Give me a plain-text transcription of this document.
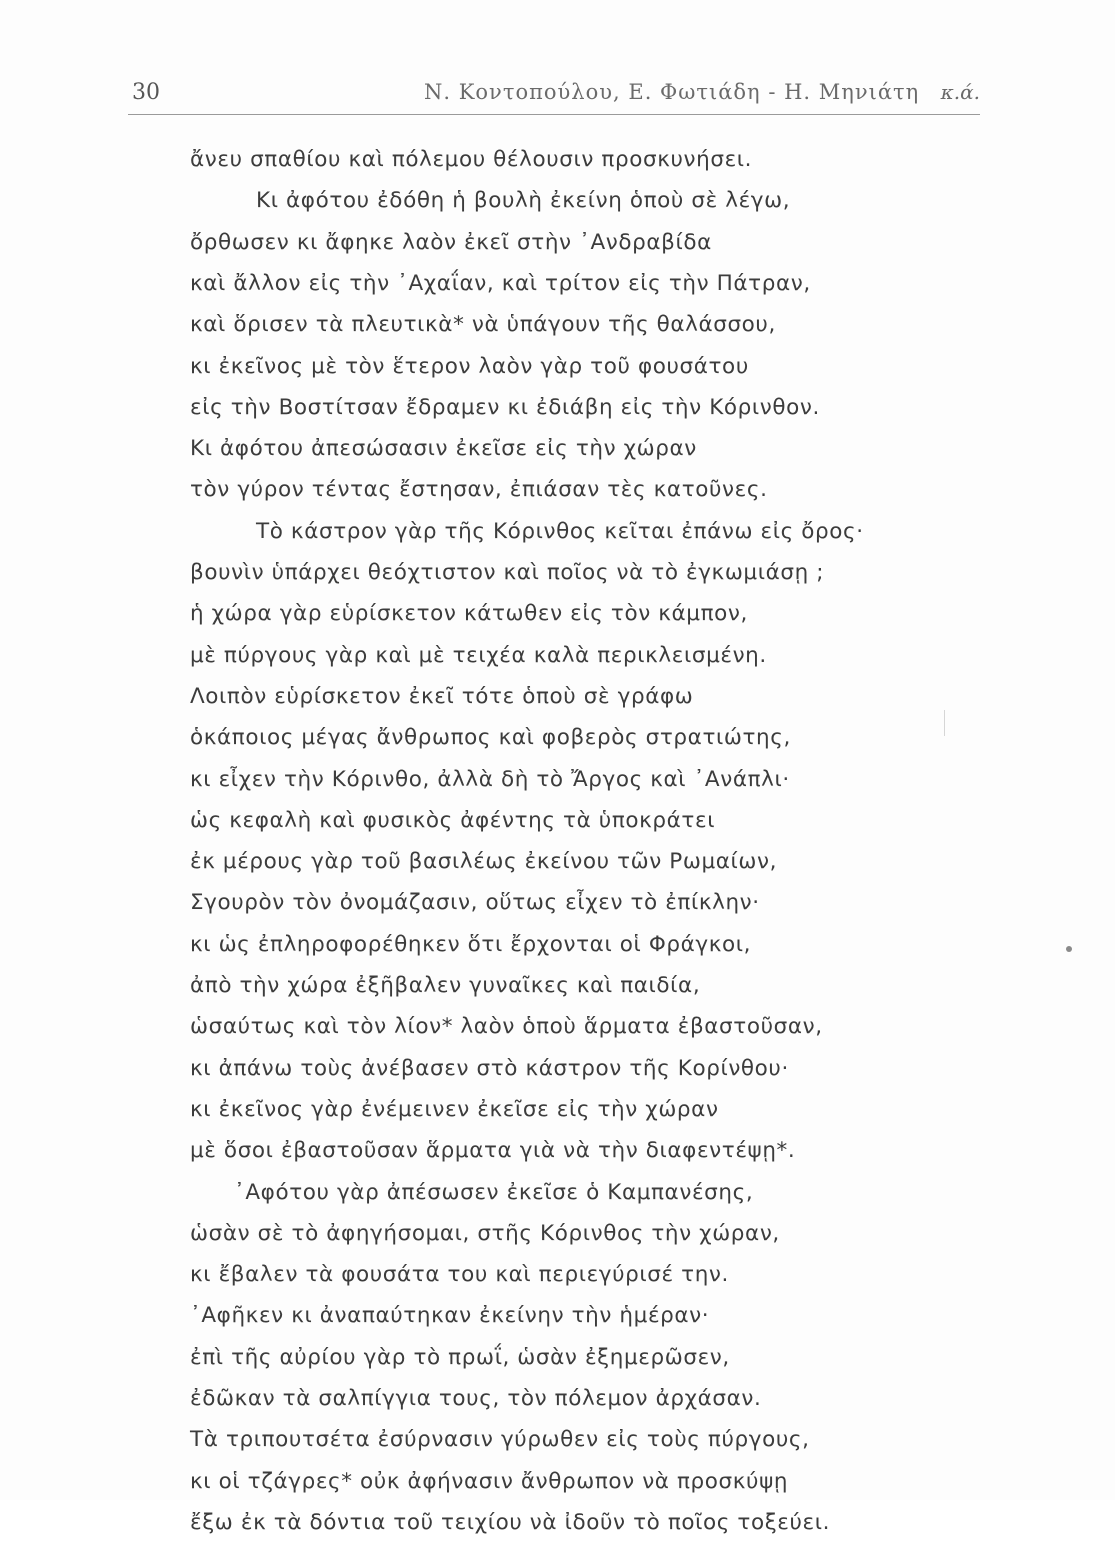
30	Ν. Κοντοπούλου, Ε. Φωτιάδη - Η. Μηνιάτη κ.ά.
ἄνευ σπαθίου καὶ πόλεμου θέλουσιν προσκυνήσει.
Κι ἀφότου ἐδόθη ἡ βουλὴ ἐκείνη ὁποὺ σὲ λέγω,
ὄρθωσεν κι ἄφηκε λαὸν ἐκεῖ στὴν ᾿Ανδραβίδα
καὶ ἄλλον εἰς τὴν ᾿Αχαΐαν, καὶ τρίτον εἰς τὴν Πάτραν,
καὶ ὅρισεν τὰ πλευτικὰ* νὰ ὑπάγουν τῆς θαλάσσου,
κι ἐκεῖνος μὲ τὸν ἕτερον λαὸν γὰρ τοῦ φουσάτου
εἰς τὴν Βοστίτσαν ἔδραμεν κι ἐδιάβη εἰς τὴν Κόρινθον.
Κι ἀφότου ἀπεσώσασιν ἐκεῖσε εἰς τὴν χώραν
τὸν γύρον τέντας ἔστησαν, ἐπιάσαν τὲς κατοῦνες.
Τὸ κάστρον γὰρ τῆς Κόρινθος κεῖται ἐπάνω εἰς ὄρος·
βουνὶν ὑπάρχει θεόχτιστον καὶ ποῖος νὰ τὸ ἐγκωμιάσῃ ;
ἡ χώρα γὰρ εὑρίσκετον κάτωθεν εἰς τὸν κάμπον,
μὲ πύργους γὰρ καὶ μὲ τειχέα καλὰ περικλεισμένη.
Λοιπὸν εὑρίσκετον ἐκεῖ τότε ὁποὺ σὲ γράφω
ὁκάποιος μέγας ἄνθρωπος καὶ φοβερὸς στρατιώτης,
κι εἶχεν τὴν Κόρινθο, ἀλλὰ δὴ τὸ Ἄργος καὶ ᾿Ανάπλι·
ὡς κεφαλὴ καὶ φυσικὸς ἀφέντης τὰ ὑποκράτει
ἐκ μέρους γὰρ τοῦ βασιλέως ἐκείνου τῶν Ρωμαίων,
Σγουρὸν τὸν ὀνομάζασιν, οὕτως εἶχεν τὸ ἐπίκλην·
κι ὡς ἐπληροφορέθηκεν ὅτι ἔρχονται οἱ Φράγκοι,
ἀπὸ τὴν χώρα ἐξῆβαλεν γυναῖκες καὶ παιδία,
ὡσαύτως καὶ τὸν λίον* λαὸν ὁποὺ ἅρματα ἐβαστοῦσαν,
κι ἀπάνω τοὺς ἀνέβασεν στὸ κάστρον τῆς Κορίνθου·
κι ἐκεῖνος γὰρ ἐνέμεινεν ἐκεῖσε εἰς τὴν χώραν
μὲ ὅσοι ἐβαστοῦσαν ἅρματα γιὰ νὰ τὴν διαφεντέψῃ*.
᾿Αφότου γὰρ ἀπέσωσεν ἐκεῖσε ὁ Καμπανέσης,
ὡσὰν σὲ τὸ ἀφηγήσομαι, στῆς Κόρινθος τὴν χώραν,
κι ἔβαλεν τὰ φουσάτα του καὶ περιεγύρισέ την.
᾿Αφῆκεν κι ἀναπαύτηκαν ἐκείνην τὴν ἡμέραν·
ἐπὶ τῆς αὐρίου γὰρ τὸ πρωΐ, ὡσὰν ἐξημερῶσεν,
ἐδῶκαν τὰ σαλπίγγια τους, τὸν πόλεμον ἀρχάσαν.
Τὰ τριπουτσέτα ἐσύρνασιν γύρωθεν εἰς τοὺς πύργους,
κι οἱ τζάγρες* οὐκ ἀφήνασιν ἄνθρωπον νὰ προσκύψῃ
ἔξω ἐκ τὰ δόντια τοῦ τειχίου νὰ ἰδοῦν τὸ ποῖος τοξεύει.
